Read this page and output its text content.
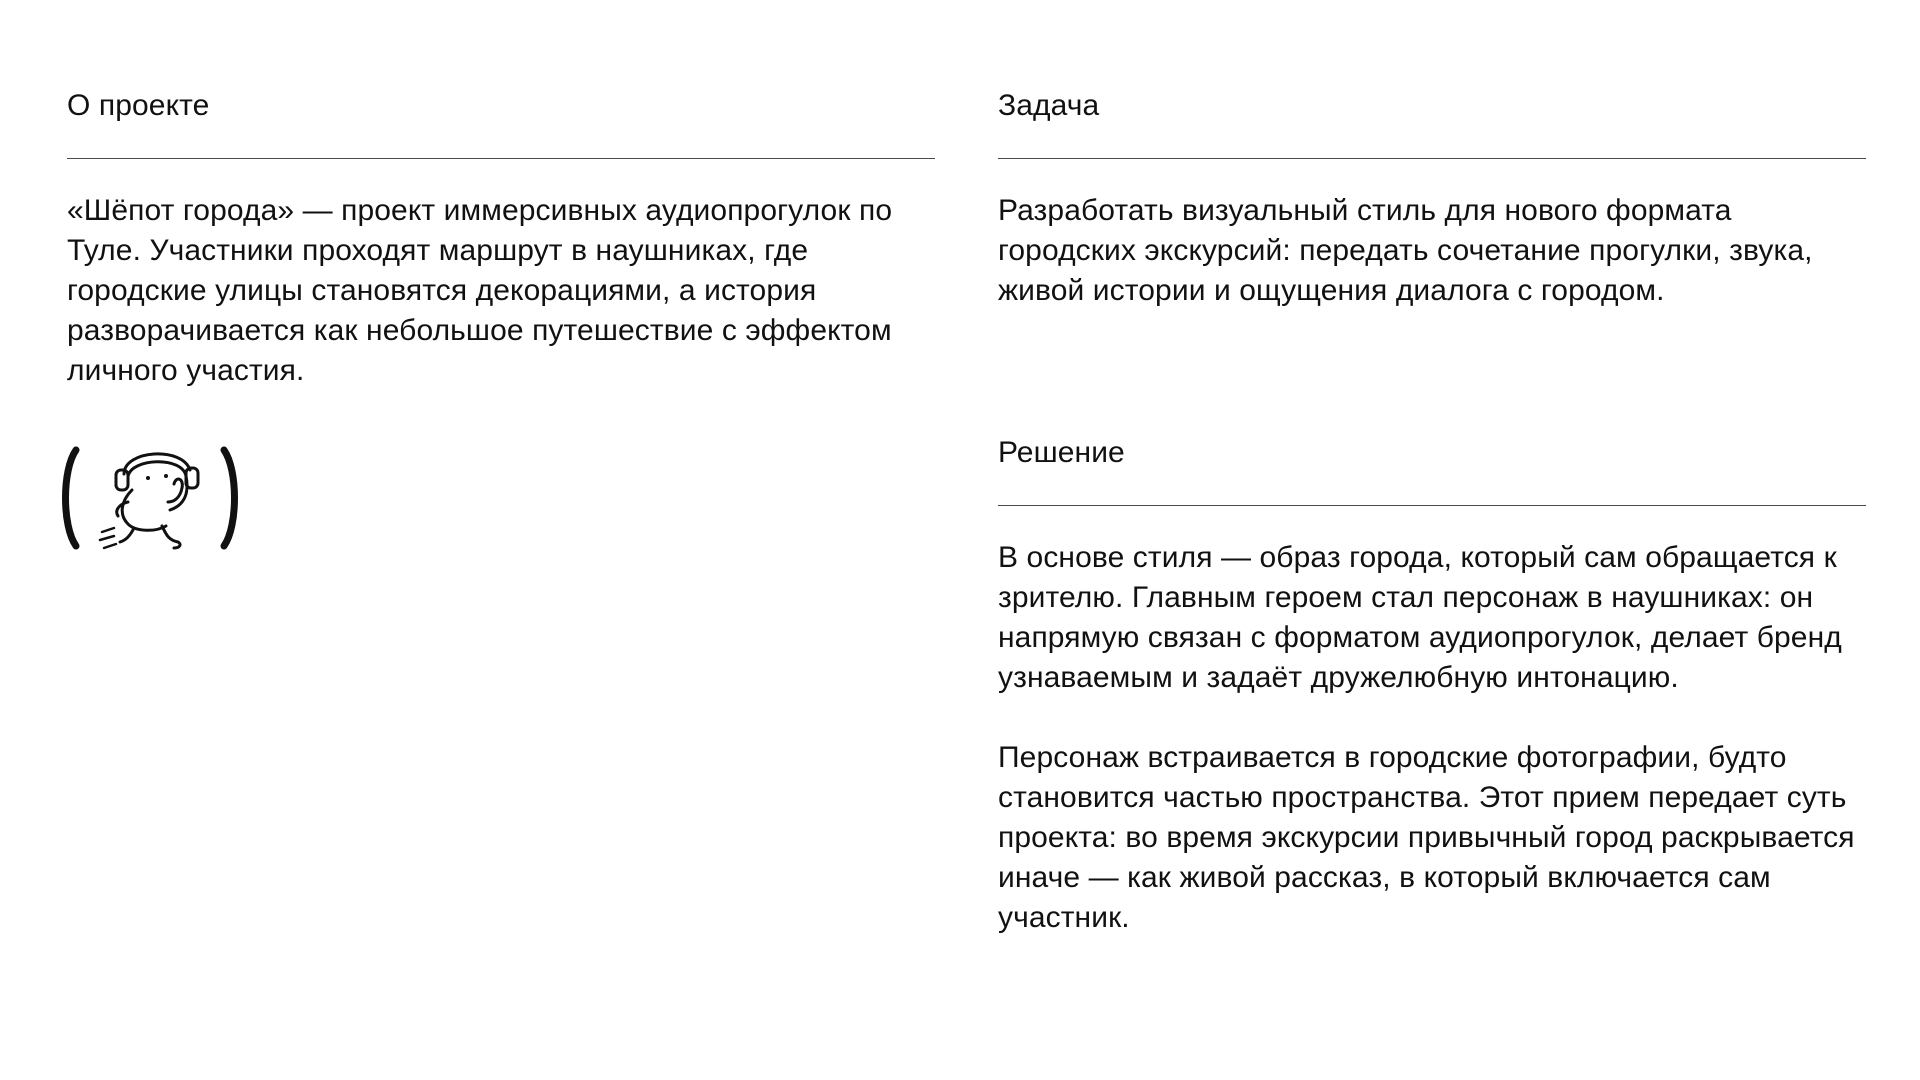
О проекте

«Шёпот города» — проект иммерсивных аудиопрогулок по Туле. Участники проходят маршрут в наушниках, где городские улицы становятся декорациями, а история разворачивается как небольшое путешествие с эффектом личного участия.

Задача

Разработать визуальный стиль для нового формата городских экскурсий: передать сочетание прогулки, звука, живой истории и ощущения диалога с городом.

Решение

В основе стиля — образ города, который сам обращается к зрителю. Главным героем стал персонаж в наушниках: он напрямую связан с форматом аудиопрогулок, делает бренд узнаваемым и задаёт дружелюбную интонацию.

Персонаж встраивается в городские фотографии, будто становится частью пространства. Этот прием передает суть проекта: во время экскурсии привычный город раскрывается иначе — как живой рассказ, в который включается сам участник.
